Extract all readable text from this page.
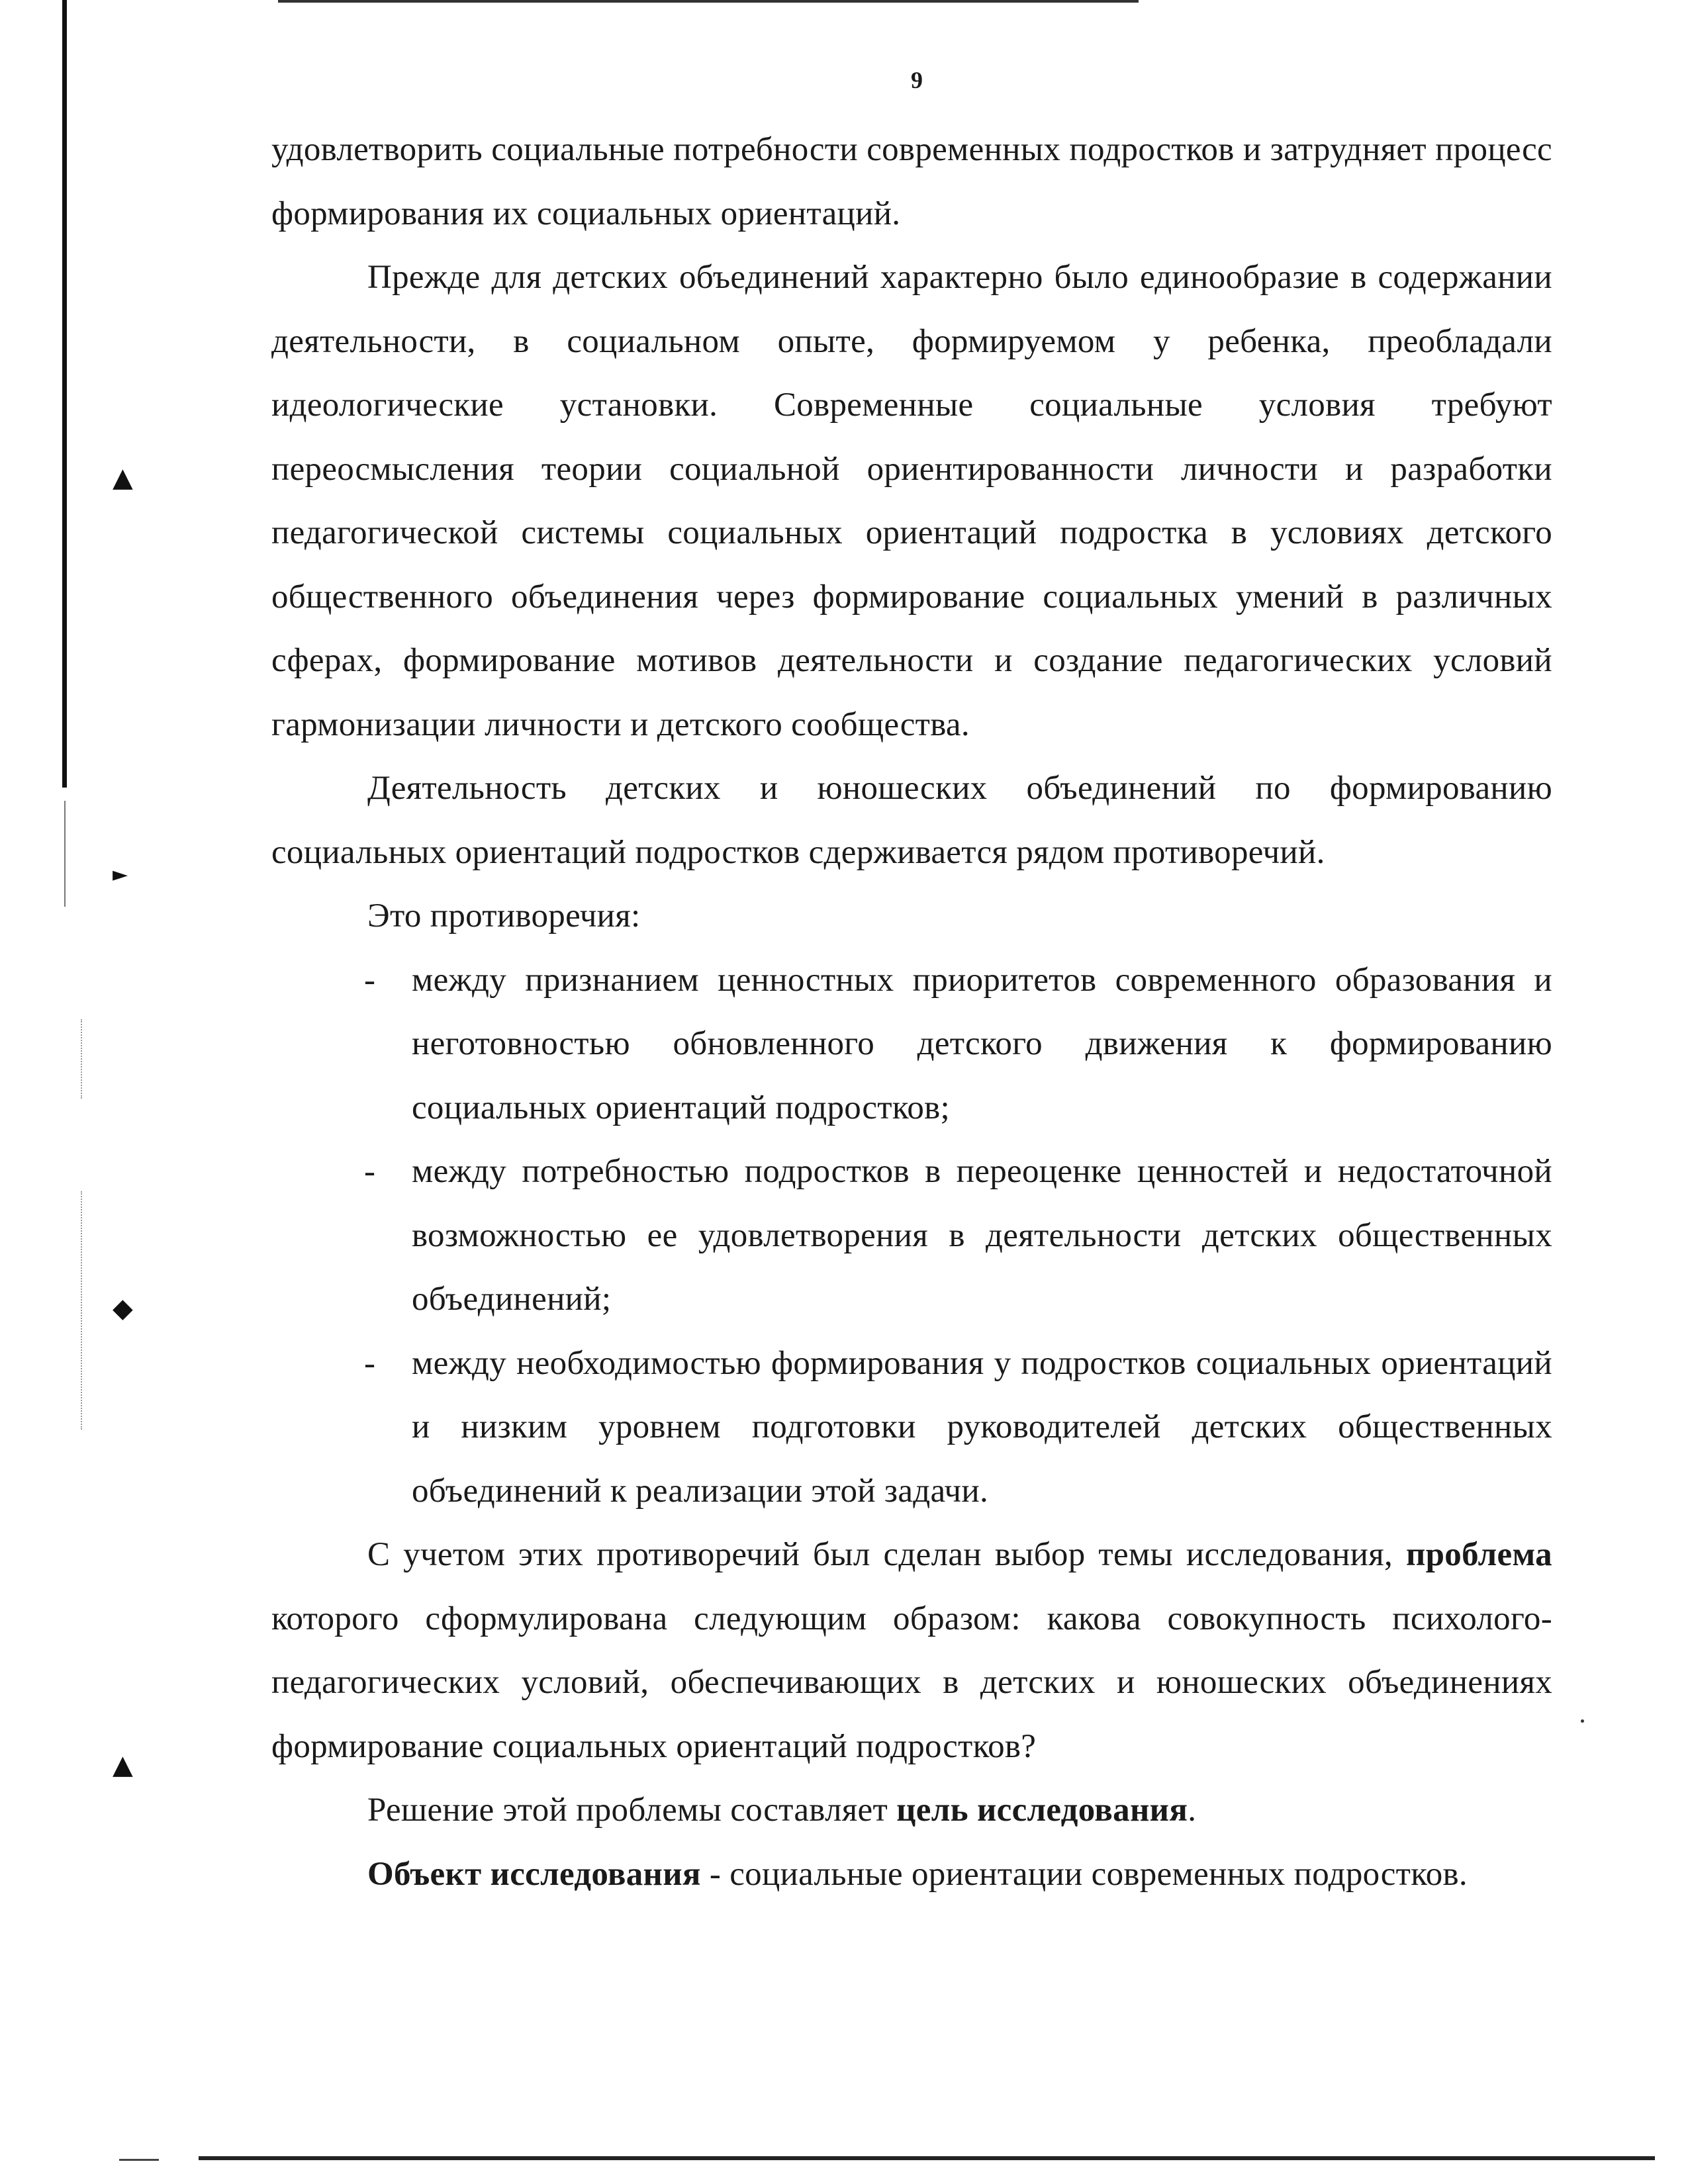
▲
►
◆
▲
9

удовлетворить социальные потребности современных подростков и затрудняет процесс формирования их социальных ориентаций.

Прежде для детских объединений характерно было единообразие в содержании деятельности, в социальном опыте, формируемом у ребенка, преобладали идеологические установки. Современные социальные условия требуют переосмысления теории социальной ориентированности личности и разработки педагогической системы социальных ориентаций подростка в условиях детского общественного объединения через формирование социальных умений в различных сферах, формирование мотивов деятельности и создание педагогических условий гармонизации личности и детского сообщества.

Деятельность детских и юношеских объединений по формированию социальных ориентаций подростков сдерживается рядом противоречий.

Это противоречия:

- между признанием ценностных приоритетов современного образования и неготовностью обновленного детского движения к формированию социальных ориентаций подростков;
- между потребностью подростков в переоценке ценностей и недостаточной возможностью ее удовлетворения в деятельности детских общественных объединений;
- между необходимостью формирования у подростков социальных ориентаций и низким уровнем подготовки руководителей детских общественных объединений к реализации этой задачи.

С учетом этих противоречий был сделан выбор темы исследования, проблема которого сформулирована следующим образом: какова совокупность психолого-педагогических условий, обеспечивающих в детских и юношеских объединениях формирование социальных ориентаций подростков?

Решение этой проблемы составляет цель исследования.

Объект исследования - социальные ориентации современных подростков.
